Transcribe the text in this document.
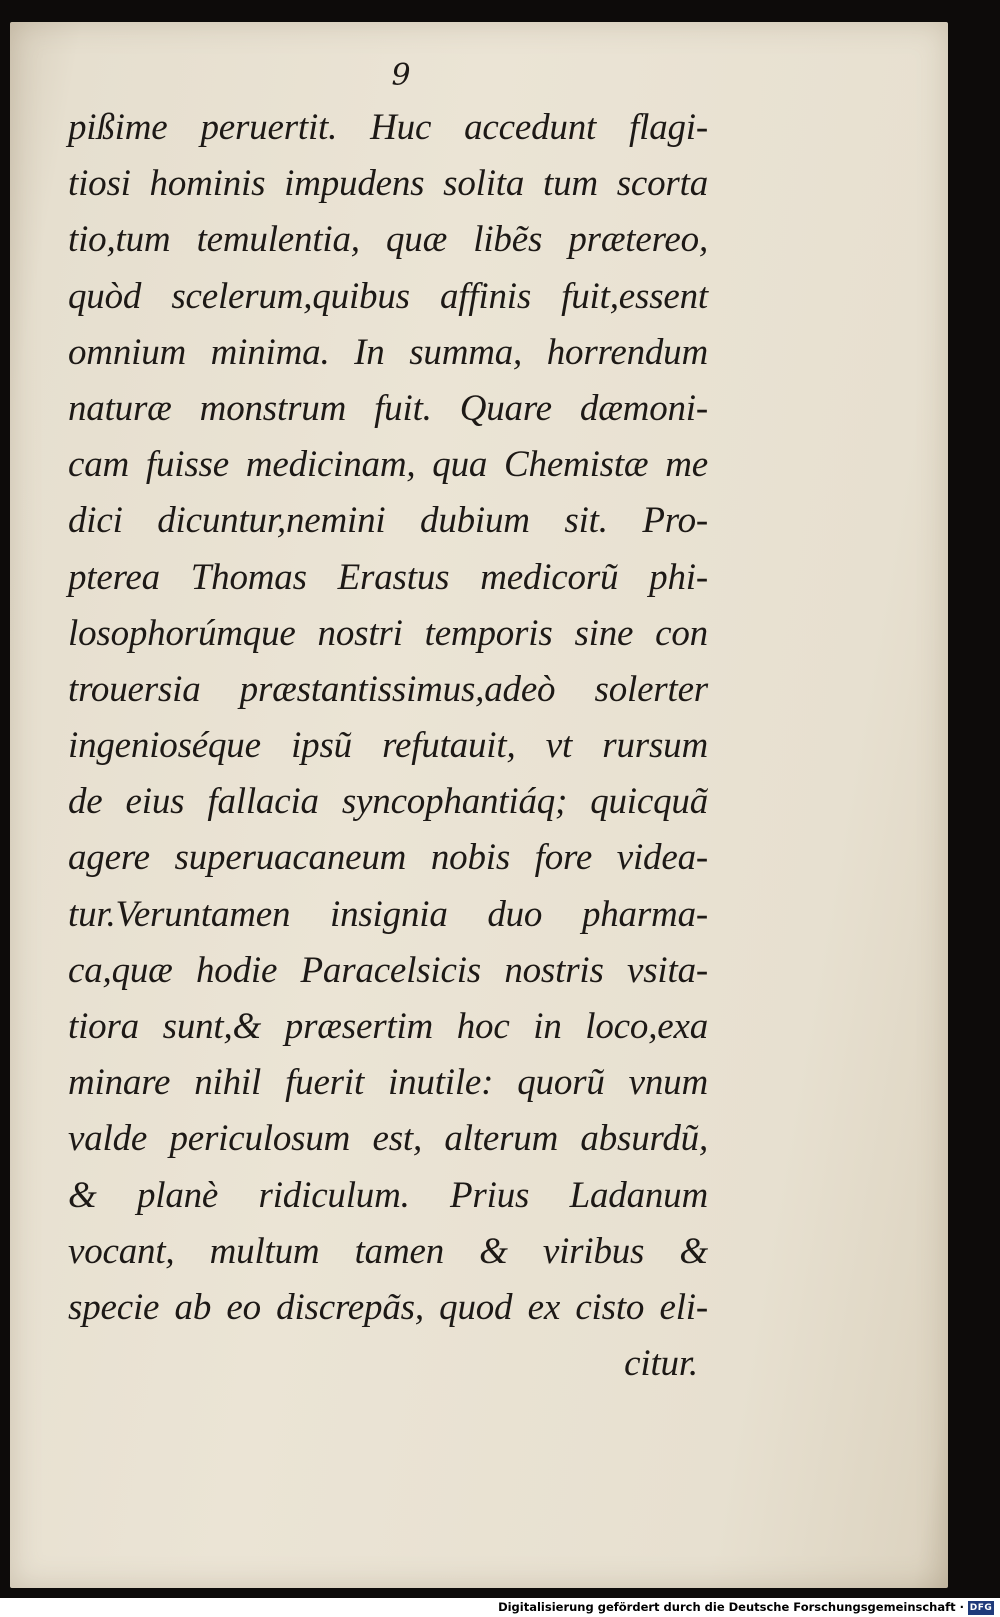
9
pißime peruertit. Huc accedunt flagi-
tiosi hominis impudens solita tum scorta
tio,tum temulentia, quæ libẽs prætereo,
quòd scelerum,quibus affinis fuit,essent
omnium minima. In summa, horrendum
naturæ monstrum fuit. Quare dæmoni-
cam fuisse medicinam, qua Chemistæ me
dici dicuntur,nemini dubium sit. Pro-
pterea Thomas Erastus medicorũ phi-
losophorúmque nostri temporis sine con
trouersia præstantissimus,adeò solerter
ingenioséque ipsũ refutauit, vt rursum
de eius fallacia syncophantiáq; quicquã
agere superuacaneum nobis fore videa-
tur.Veruntamen insignia duo pharma-
ca,quæ hodie Paracelsicis nostris vsita-
tiora sunt,& præsertim hoc in loco,exa
minare nihil fuerit inutile: quorũ vnum
valde periculosum est, alterum absurdũ,
& planè ridiculum. Prius Ladanum
vocant, multum tamen & viribus &
specie ab eo discrepãs, quod ex cisto eli-
citur.
Digitalisierung gefördert durch die Deutsche Forschungsgemeinschaft · DFG
